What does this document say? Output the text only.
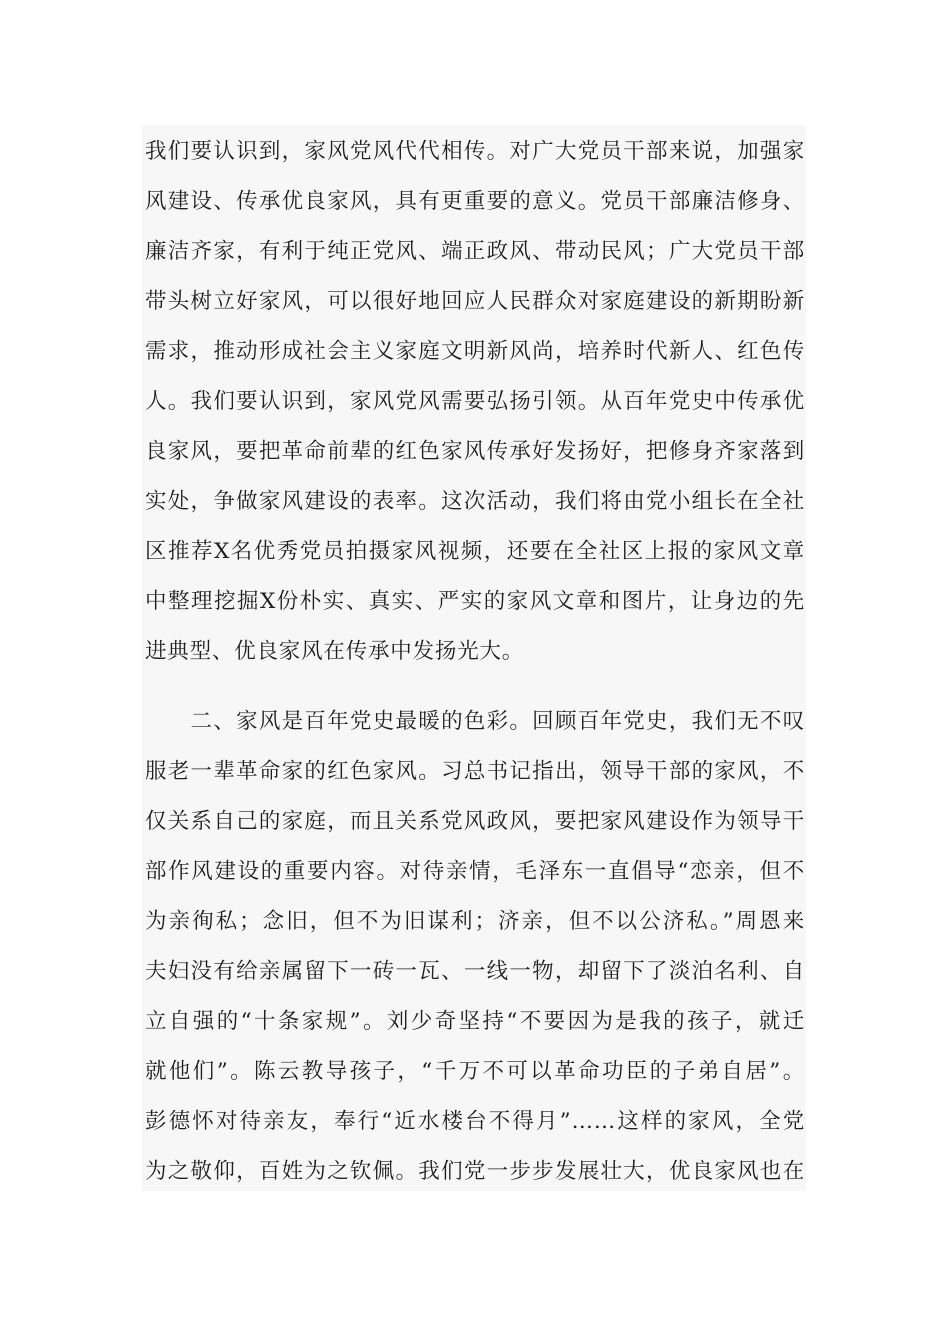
我们要认识到，家风党风代代相传。对广大党员干部来说，加强家
风建设、传承优良家风，具有更重要的意义。党员干部廉洁修身、
廉洁齐家，有利于纯正党风、端正政风、带动民风；广大党员干部
带头树立好家风，可以很好地回应人民群众对家庭建设的新期盼新
需求，推动形成社会主义家庭文明新风尚，培养时代新人、红色传
人。我们要认识到，家风党风需要弘扬引领。从百年党史中传承优
良家风，要把革命前辈的红色家风传承好发扬好，把修身齐家落到
实处，争做家风建设的表率。这次活动，我们将由党小组长在全社
区推荐X名优秀党员拍摄家风视频，还要在全社区上报的家风文章
中整理挖掘X份朴实、真实、严实的家风文章和图片，让身边的先
进典型、优良家风在传承中发扬光大。
　　二、家风是百年党史最暖的色彩。回顾百年党史，我们无不叹
服老一辈革命家的红色家风。习总书记指出，领导干部的家风，不
仅关系自己的家庭，而且关系党风政风，要把家风建设作为领导干
部作风建设的重要内容。对待亲情，毛泽东一直倡导“恋亲，但不
为亲徇私；念旧，但不为旧谋利；济亲，但不以公济私。”周恩来
夫妇没有给亲属留下一砖一瓦、一线一物，却留下了淡泊名利、自
立自强的“十条家规”。刘少奇坚持“不要因为是我的孩子，就迁
就他们”。陈云教导孩子，“千万不可以革命功臣的子弟自居”。
彭德怀对待亲友，奉行“近水楼台不得月”……这样的家风，全党
为之敬仰，百姓为之钦佩。我们党一步步发展壮大，优良家风也在
